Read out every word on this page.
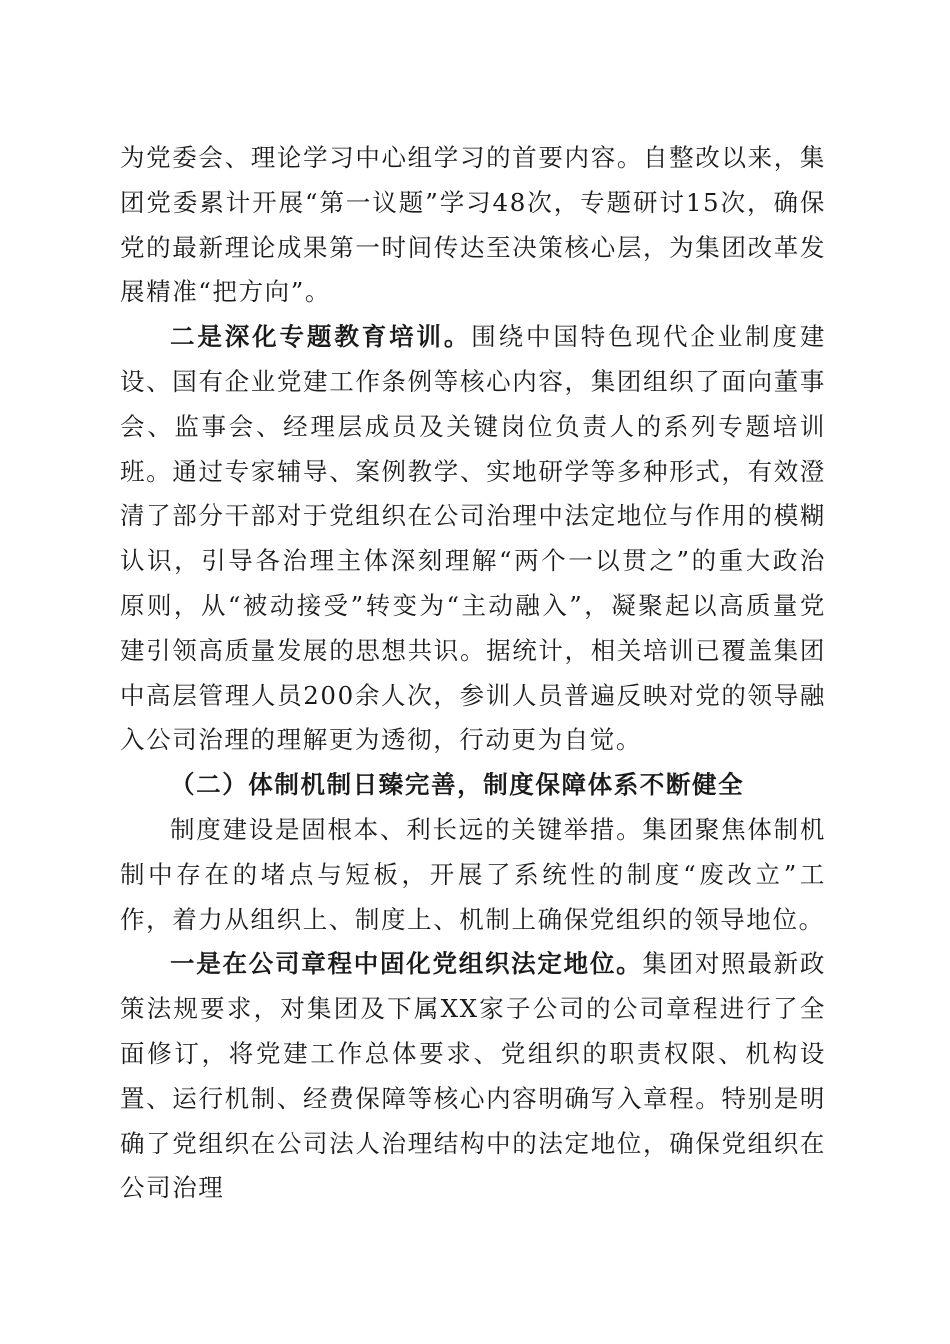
为党委会、理论学习中心组学习的首要内容。自整改以来，集团党委累计开展“第一议题”学习48次，专题研讨15次，确保党的最新理论成果第一时间传达至决策核心层，为集团改革发展精准“把方向”。

二是深化专题教育培训。围绕中国特色现代企业制度建设、国有企业党建工作条例等核心内容，集团组织了面向董事会、监事会、经理层成员及关键岗位负责人的系列专题培训班。通过专家辅导、案例教学、实地研学等多种形式，有效澄清了部分干部对于党组织在公司治理中法定地位与作用的模糊认识，引导各治理主体深刻理解“两个一以贯之”的重大政治原则，从“被动接受”转变为“主动融入”，凝聚起以高质量党建引领高质量发展的思想共识。据统计，相关培训已覆盖集团中高层管理人员200余人次，参训人员普遍反映对党的领导融入公司治理的理解更为透彻，行动更为自觉。

（二）体制机制日臻完善，制度保障体系不断健全

制度建设是固根本、利长远的关键举措。集团聚焦体制机制中存在的堵点与短板，开展了系统性的制度“废改立”工作，着力从组织上、制度上、机制上确保党组织的领导地位。

一是在公司章程中固化党组织法定地位。集团对照最新政策法规要求，对集团及下属XX家子公司的公司章程进行了全面修订，将党建工作总体要求、党组织的职责权限、机构设置、运行机制、经费保障等核心内容明确写入章程。特别是明确了党组织在公司法人治理结构中的法定地位，确保党组织在公司治理
